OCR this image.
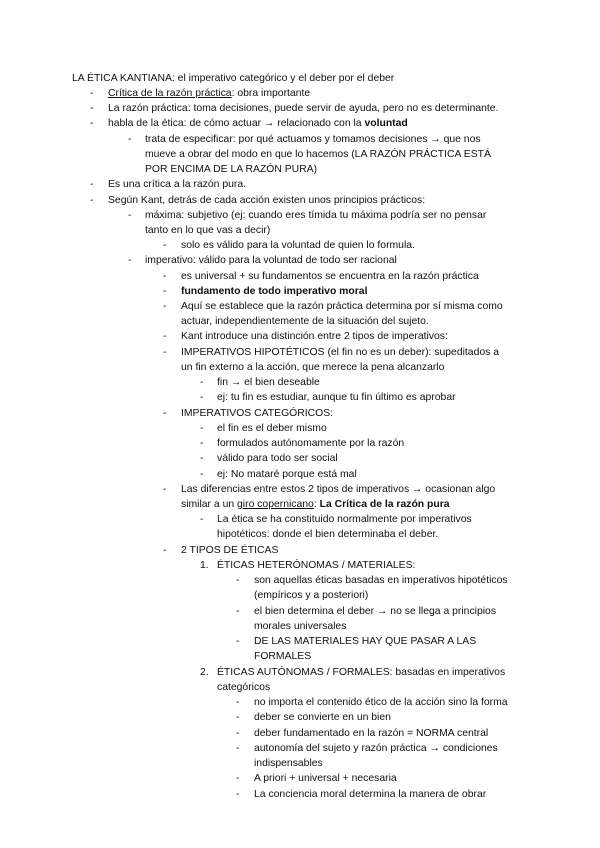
LA ÉTICA KANTIANA: el imperativo categórico y el deber por el deber
- Crítica de la razón práctica: obra importante
- La razón práctica: toma decisiones, puede servir de ayuda, pero no es determinante.
- habla de la ética: de cómo actuar → relacionado con la voluntad
- trata de especificar: por qué actuamos y tomamos decisiones → que nos
mueve a obrar del modo en que lo hacemos (LA RAZÓN PRÁCTICA ESTÁ
POR ENCIMA DE LA RAZÓN PURA)
- Es una crítica a la razón pura.
- Según Kant, detrás de cada acción existen unos principios prácticos:
- máxima: subjetivo (ej: cuando eres tímida tu máxima podría ser no pensar
tanto en lo que vas a decir)
- solo es válido para la voluntad de quien lo formula.
- imperativo: válido para la voluntad de todo ser racional
- es universal + su fundamentos se encuentra en la razón práctica
- fundamento de todo imperativo moral
- Aquí se establece que la razón práctica determina por sí misma como
actuar, independientemente de la situación del sujeto.
- Kant introduce una distinción entre 2 tipos de imperativos:
- IMPERATIVOS HIPOTÉTICOS (el fin no es un deber): supeditados a
un fin externo a la acción, que merece la pena alcanzarlo
- fin → el bien deseable
- ej: tu fin es estudiar, aunque tu fin último es aprobar
- IMPERATIVOS CATEGÓRICOS:
- el fin es el deber mismo
- formulados autónomamente por la razón
- válido para todo ser social
- ej: No mataré porque está mal
- Las diferencias entre estos 2 tipos de imperativos → ocasionan algo
similar a un giro copernicano: La Crítica de la razón pura
- La ética se ha constituido normalmente por imperativos
hipotéticos: donde el bien determinaba el deber.
- 2 TIPOS DE ÉTICAS
1. ÉTICAS HETERÓNOMAS / MATERIALES:
- son aquellas éticas basadas en imperativos hipotéticos
(empíricos y a posteriori)
- el bien determina el deber → no se llega a principios
morales universales
- DE LAS MATERIALES HAY QUE PASAR A LAS
FORMALES
2. ÉTICAS AUTÓNOMAS / FORMALES: basadas en imperativos
categóricos
- no importa el contenido ético de la acción sino la forma
- deber se convierte en un bien
- deber fundamentado en la razón = NORMA central
- autonomía del sujeto y razón práctica → condiciones
indispensables
- A priori + universal + necesaria
- La conciencia moral determina la manera de obrar
